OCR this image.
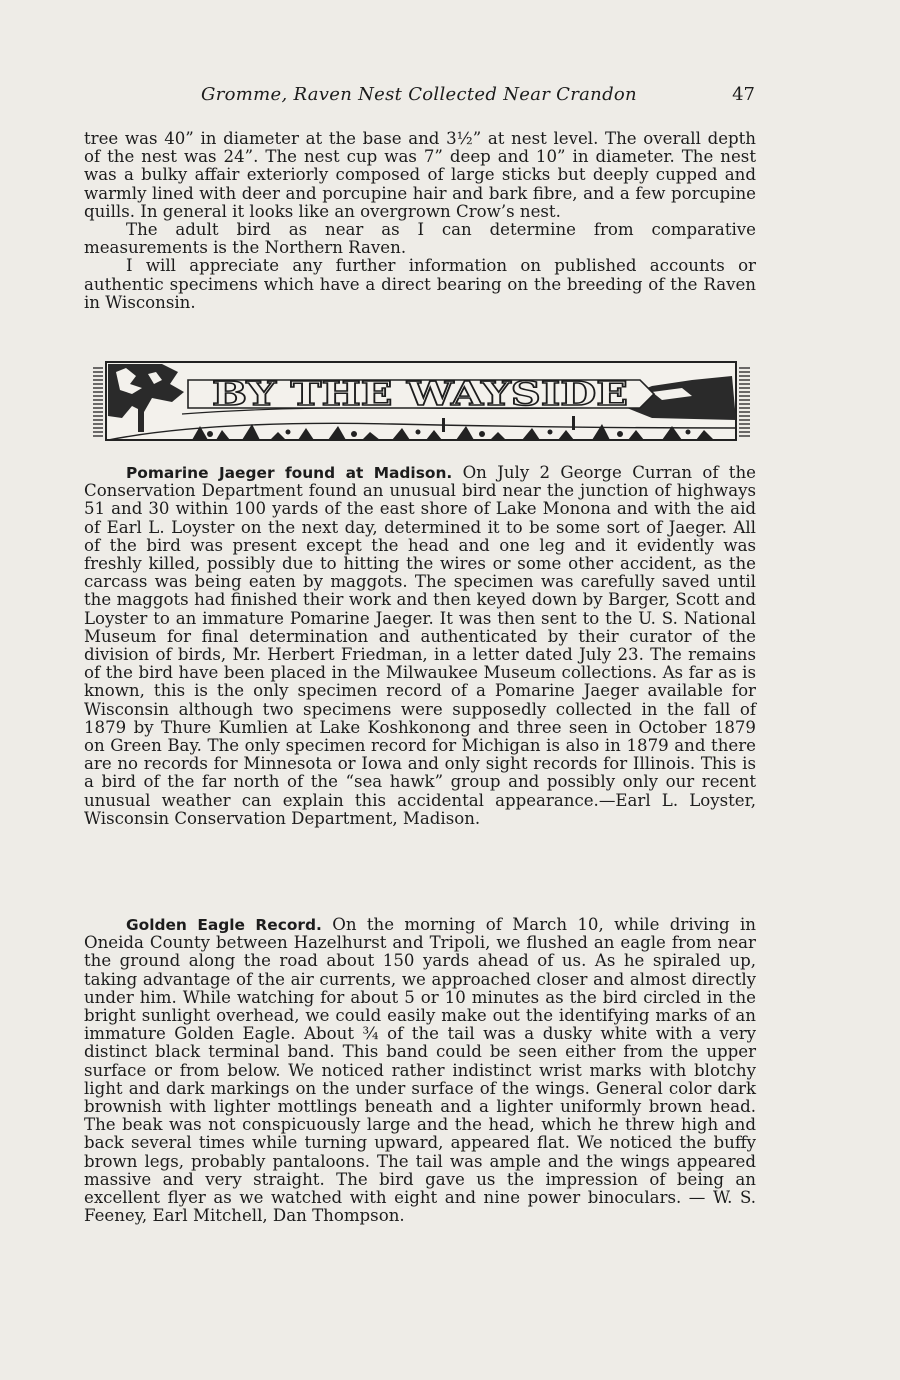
Gromme, Raven Nest Collected Near Crandon	47

tree was 40” in diameter at the base and 3½” at nest level. The overall depth of the nest was 24”. The nest cup was 7” deep and 10” in diameter. The nest was a bulky affair exteriorly composed of large sticks but deeply cupped and warmly lined with deer and porcupine hair and bark fibre, and a few porcupine quills. In general it looks like an overgrown Crow’s nest.

The adult bird as near as I can determine from comparative measurements is the Northern Raven.

I will appreciate any further information on published accounts or authentic specimens which have a direct bearing on the breeding of the Raven in Wisconsin.

BY THE WAYSIDE

Pomarine Jaeger found at Madison. On July 2 George Curran of the Conservation Department found an unusual bird near the junction of highways 51 and 30 within 100 yards of the east shore of Lake Monona and with the aid of Earl L. Loyster on the next day, determined it to be some sort of Jaeger. All of the bird was present except the head and one leg and it evidently was freshly killed, possibly due to hitting the wires or some other accident, as the carcass was being eaten by maggots. The specimen was carefully saved until the maggots had finished their work and then keyed down by Barger, Scott and Loyster to an immature Pomarine Jaeger. It was then sent to the U. S. National Museum for final determination and authenticated by their curator of the division of birds, Mr. Herbert Friedman, in a letter dated July 23. The remains of the bird have been placed in the Milwaukee Museum collections. As far as is known, this is the only specimen record of a Pomarine Jaeger available for Wisconsin although two specimens were supposedly collected in the fall of 1879 by Thure Kumlien at Lake Koshkonong and three seen in October 1879 on Green Bay. The only specimen record for Michigan is also in 1879 and there are no records for Minnesota or Iowa and only sight records for Illinois. This is a bird of the far north of the “sea hawk” group and possibly only our recent unusual weather can explain this accidental appearance.—Earl L. Loyster, Wisconsin Conservation Department, Madison.

Golden Eagle Record. On the morning of March 10, while driving in Oneida County between Hazelhurst and Tripoli, we flushed an eagle from near the ground along the road about 150 yards ahead of us. As he spiraled up, taking advantage of the air currents, we approached closer and almost directly under him. While watching for about 5 or 10 minutes as the bird circled in the bright sunlight overhead, we could easily make out the identifying marks of an immature Golden Eagle. About ¾ of the tail was a dusky white with a very distinct black terminal band. This band could be seen either from the upper surface or from below. We noticed rather indistinct wrist marks with blotchy light and dark markings on the under surface of the wings. General color dark brownish with lighter mottlings beneath and a lighter uniformly brown head. The beak was not conspicuously large and the head, which he threw high and back several times while turning upward, appeared flat. We noticed the buffy brown legs, probably pantaloons. The tail was ample and the wings appeared massive and very straight. The bird gave us the impression of being an excellent flyer as we watched with eight and nine power binoculars. — W. S. Feeney, Earl Mitchell, Dan Thompson.
